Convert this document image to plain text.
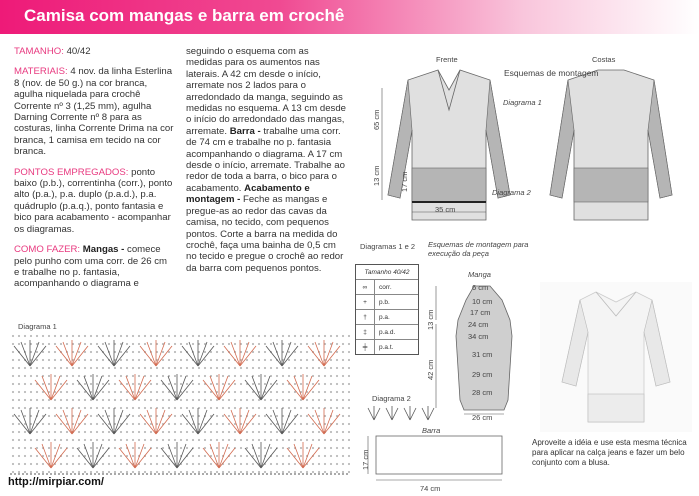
Camisa com mangas e barra em crochê

TAMANHO: 40/42

MATERIAIS: 4 nov. da linha Esterlina 8 (nov. de 50 g.) na cor branca, agulha niquelada para crochê Corrente nº 3 (1,25 mm), agulha Darning Corrente nº 8 para as costuras, linha Corrente Drima na cor branca, 1 camisa em tecido na cor branca.

PONTOS EMPREGADOS: ponto baixo (p.b.), correntinha (corr.), ponto alto (p.a.), p.a. duplo (p.a.d.), p.a. quádruplo (p.a.q.), ponto fantasia e bico para acabamento - acompanhar os diagramas.

COMO FAZER: Mangas - comece pelo punho com uma corr. de 26 cm e trabalhe no p. fantasia, acompanhando o diagrama e

seguindo o esquema com as medidas para os aumentos nas laterais. A 42 cm desde o início, arremate nos 2 lados para o arredondado da manga, seguindo as medidas no esquema. A 13 cm desde o início do arredondado das mangas, arremate. Barra - trabalhe uma corr. de 74 cm e trabalhe no p. fantasia acompanhando o diagrama. A 17 cm desde o início, arremate. Trabalhe ao redor de toda a barra, o bico para o acabamento. Acabamento e montagem - Feche as mangas e pregue-as ao redor das cavas da camisa, no tecido, com pequenos pontos. Corte a barra na medida do crochê, faça uma bainha de 0,5 cm no tecido e pregue o crochê ao redor da barra com pequenos pontos.
Diagrama 1
Frente	Costas
Esquemas de montagem
Diagrama 1
Diagrama 2
65 cm
13 cm	17 cm
35 cm
Diagramas 1 e 2
Tamanho 40/42
∞	corr.
+	p.b.
†	p.a.
‡	p.a.d.
╪	p.a.t.
Esquemas de montagem para execução da peça
Manga
6 cm
10 cm
17 cm
24 cm
34 cm
31 cm
29 cm
28 cm
26 cm
13 cm
42 cm
Diagrama 2
Barra
17 cm
74 cm
Aproveite a idéia e use esta mesma técnica para aplicar na calça jeans e fazer um belo conjunto com a blusa.
http://mirpiar.com/
